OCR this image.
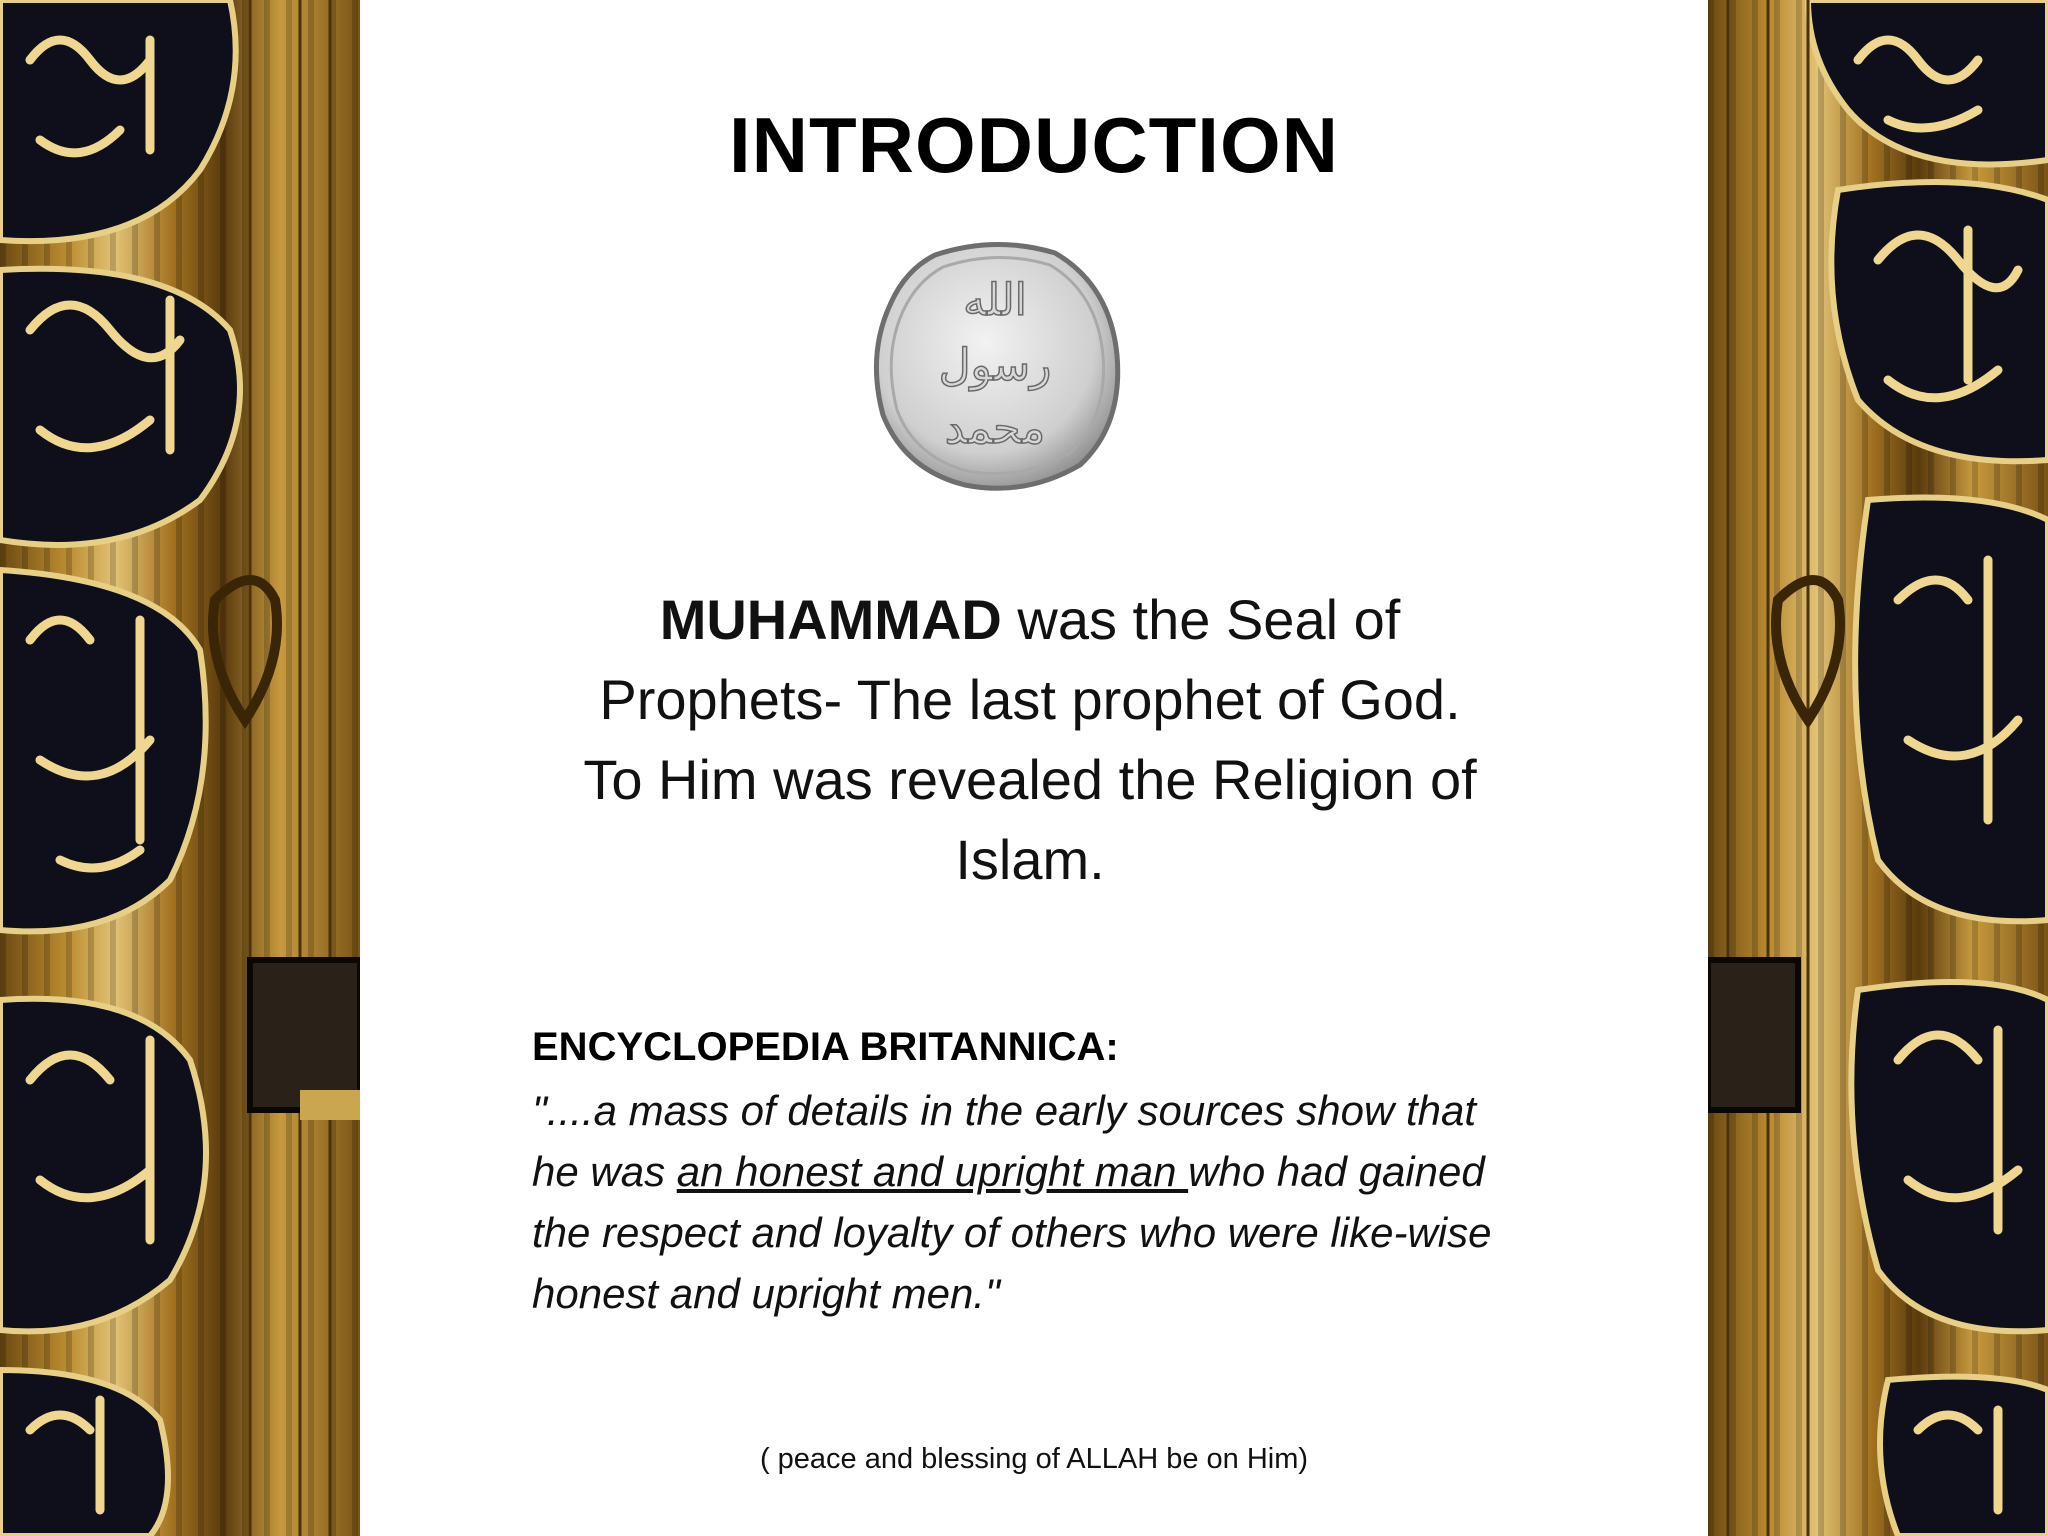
INTRODUCTION
الله
رسول
محمد
MUHAMMAD was the Seal of
Prophets- The last prophet of God.
To Him was revealed the Religion of
Islam.
ENCYCLOPEDIA BRITANNICA:
"....a mass of details in the early sources show that he was an honest and upright man who had gained the respect and loyalty of others who were like-wise honest and upright men."
( peace and blessing of ALLAH be on Him)
